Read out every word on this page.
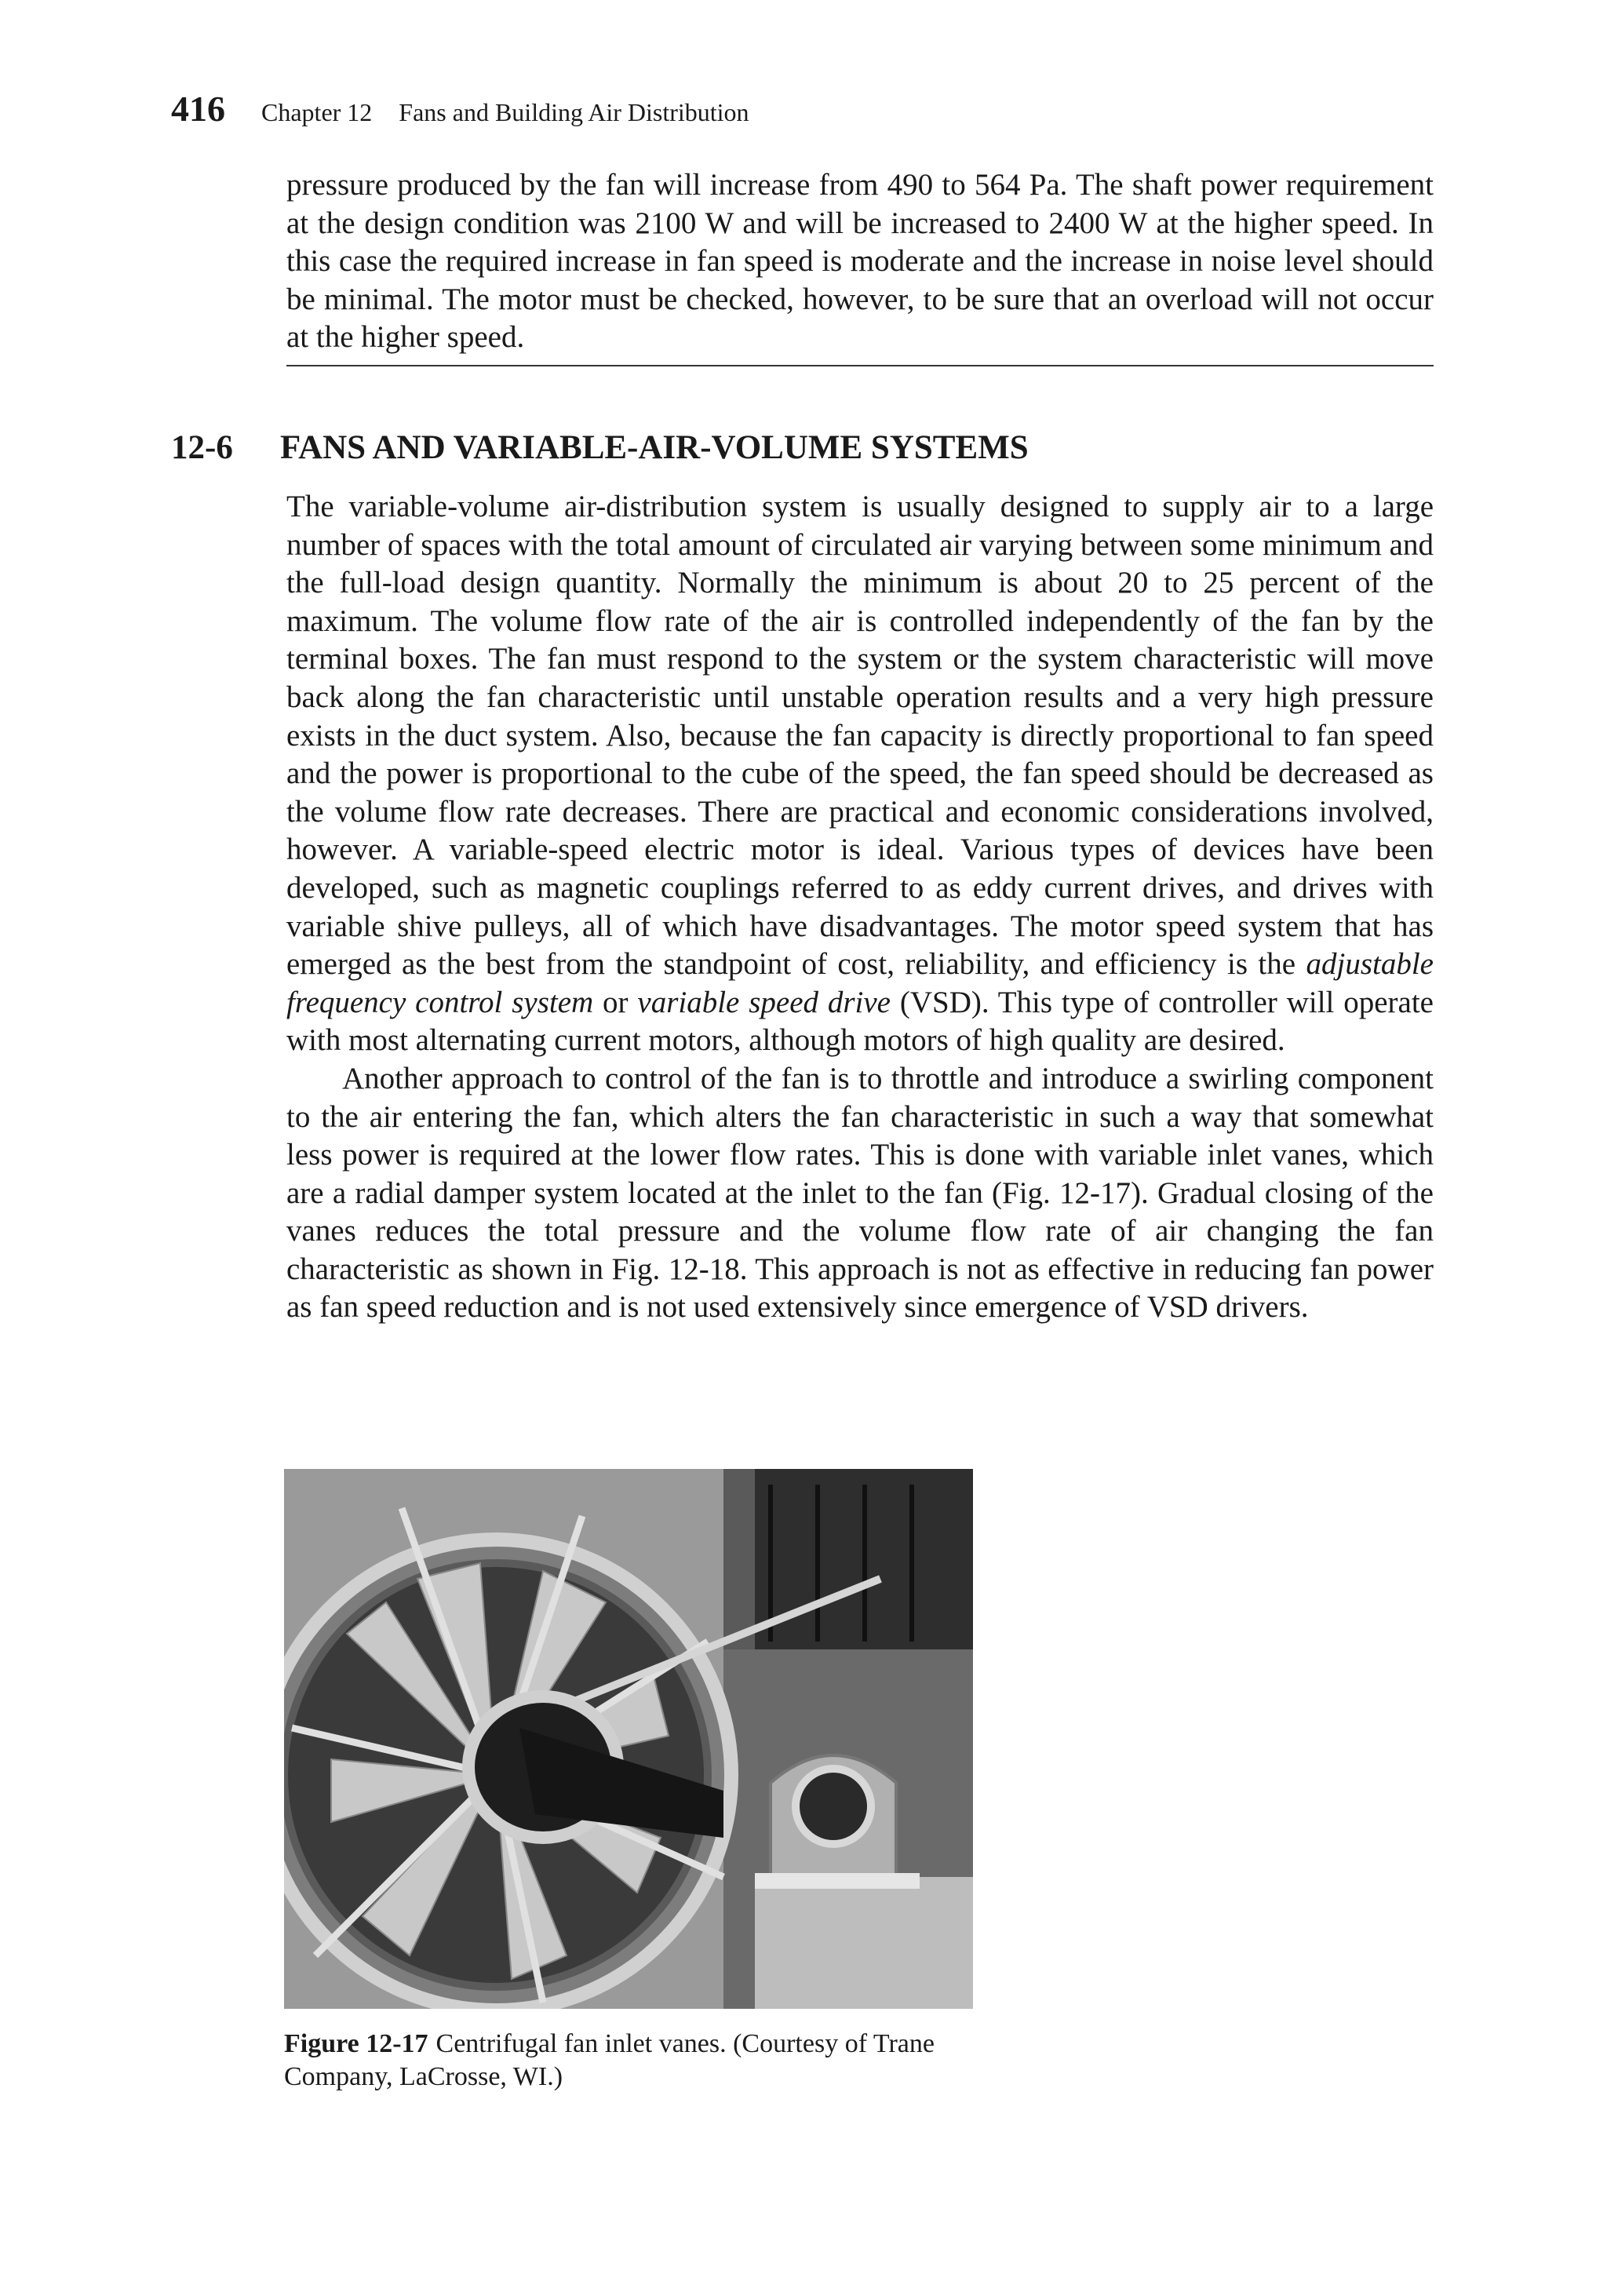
416 Chapter 12 Fans and Building Air Distribution

pressure produced by the fan will increase from 490 to 564 Pa. The shaft power requirement at the design condition was 2100 W and will be increased to 2400 W at the higher speed. In this case the required increase in fan speed is moderate and the increase in noise level should be minimal. The motor must be checked, however, to be sure that an overload will not occur at the higher speed.

12-6	FANS AND VARIABLE-AIR-VOLUME SYSTEMS

The variable-volume air-distribution system is usually designed to supply air to a large number of spaces with the total amount of circulated air varying between some minimum and the full-load design quantity. Normally the minimum is about 20 to 25 percent of the maximum. The volume flow rate of the air is controlled independently of the fan by the terminal boxes. The fan must respond to the system or the system characteristic will move back along the fan characteristic until unstable operation results and a very high pressure exists in the duct system. Also, because the fan capacity is directly proportional to fan speed and the power is proportional to the cube of the speed, the fan speed should be decreased as the volume flow rate decreases. There are practical and economic considerations involved, however. A variable-speed electric motor is ideal. Various types of devices have been developed, such as magnetic couplings referred to as eddy current drives, and drives with variable shive pulleys, all of which have disadvantages. The motor speed system that has emerged as the best from the standpoint of cost, reliability, and efficiency is the adjustable frequency control system or variable speed drive (VSD). This type of controller will operate with most alternating current motors, although motors of high quality are desired.

Another approach to control of the fan is to throttle and introduce a swirling component to the air entering the fan, which alters the fan characteristic in such a way that somewhat less power is required at the lower flow rates. This is done with variable inlet vanes, which are a radial damper system located at the inlet to the fan (Fig. 12-17). Gradual closing of the vanes reduces the total pressure and the volume flow rate of air changing the fan characteristic as shown in Fig. 12-18. This approach is not as effective in reducing fan power as fan speed reduction and is not used extensively since emergence of VSD drivers.

Figure 12-17 Centrifugal fan inlet vanes. (Courtesy of Trane Company, LaCrosse, WI.)
